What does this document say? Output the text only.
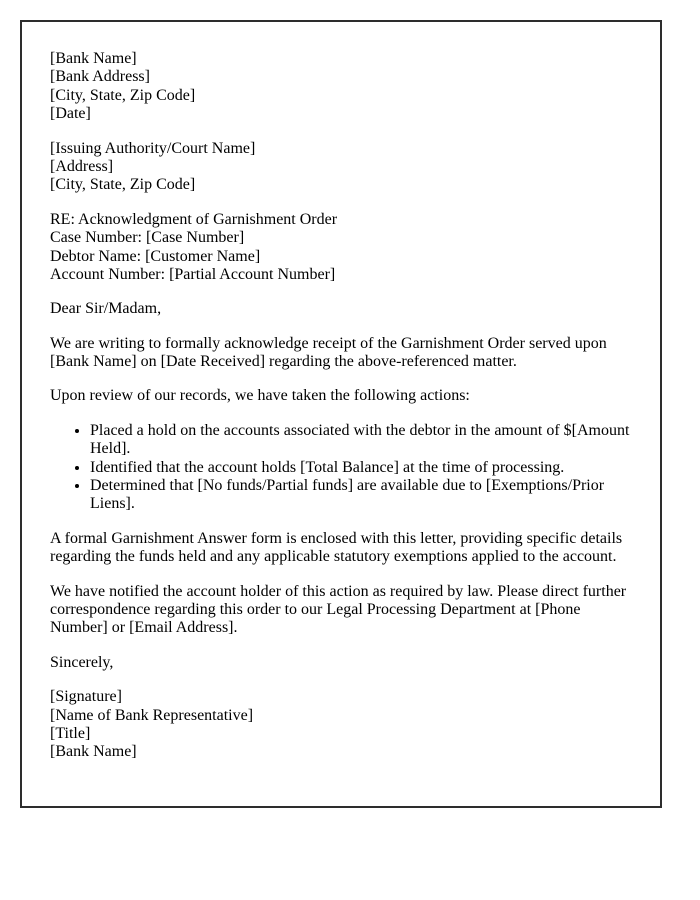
[Bank Name]
[Bank Address]
[City, State, Zip Code]
[Date]

[Issuing Authority/Court Name]
[Address]
[City, State, Zip Code]

RE: Acknowledgment of Garnishment Order
Case Number: [Case Number]
Debtor Name: [Customer Name]
Account Number: [Partial Account Number]

Dear Sir/Madam,

We are writing to formally acknowledge receipt of the Garnishment Order served upon [Bank Name] on [Date Received] regarding the above-referenced matter.

Upon review of our records, we have taken the following actions:

• Placed a hold on the accounts associated with the debtor in the amount of $[Amount Held].
• Identified that the account holds [Total Balance] at the time of processing.
• Determined that [No funds/Partial funds] are available due to [Exemptions/Prior Liens].

A formal Garnishment Answer form is enclosed with this letter, providing specific details regarding the funds held and any applicable statutory exemptions applied to the account.

We have notified the account holder of this action as required by law. Please direct further correspondence regarding this order to our Legal Processing Department at [Phone Number] or [Email Address].

Sincerely,

[Signature]
[Name of Bank Representative]
[Title]
[Bank Name]
